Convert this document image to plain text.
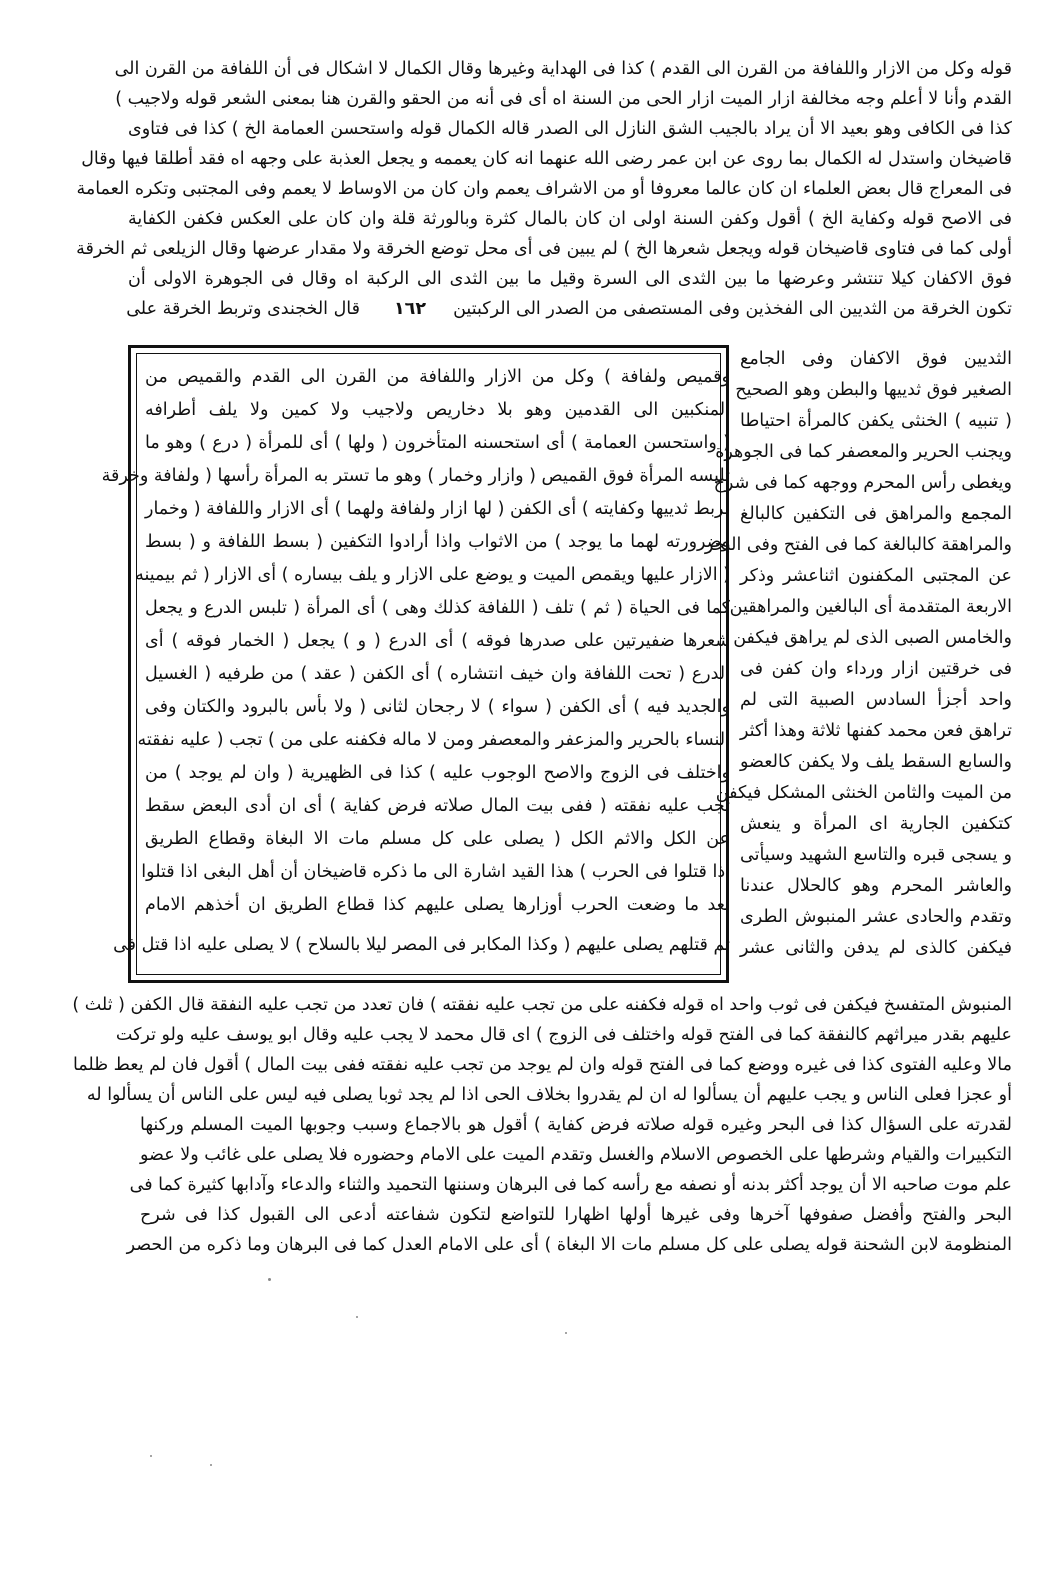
قوله وكل من الازار واللفافة من القرن الى القدم ) كذا فى الهداية وغيرها وقال الكمال لا اشكال فى أن اللفافة من القرن الى
القدم وأنا لا أعلم وجه مخالفة ازار الميت ازار الحى من السنة اه أى فى أنه من الحقو والقرن هنا بمعنى الشعر قوله ولاجيب )
كذا فى الكافى وهو بعيد الا أن يراد بالجيب الشق النازل الى الصدر قاله الكمال قوله واستحسن العمامة الخ ) كذا فى فتاوى
قاضيخان واستدل له الكمال بما روى عن ابن عمر رضى الله عنهما انه كان يعممه و يجعل العذبة على وجهه اه فقد أطلقا فيها وقال
فى المعراج قال بعض العلماء ان كان عالما معروفا أو من الاشراف يعمم وان كان من الاوساط لا يعمم وفى المجتبى وتكره العمامة
فى الاصح قوله وكفاية الخ ) أقول وكفن السنة اولى ان كان بالمال كثرة وبالورثة قلة وان كان على العكس فكفن الكفاية
أولى كما فى فتاوى قاضيخان قوله ويجعل شعرها الخ ) لم يبين فى أى محل توضع الخرقة ولا مقدار عرضها وقال الزيلعى ثم الخرقة
فوق الاكفان كيلا تنتشر وعرضها ما بين الثدى الى السرة وقيل ما بين الثدى الى الركبة اه وقال فى الجوهرة الاولى أن
تكون الخرقة من الثديين الى الفخذين وفى المستصفى من الصدر الى الركبتين
١٦٢
قال الخجندى وتربط الخرقة على
وقميص ولفافة ) وكل من الازار واللفافة من القرن الى القدم والقميص من
المنكبين الى القدمين وهو بلا دخاريص ولاجيب ولا كمين ولا يلف أطرافه
( واستحسن العمامة ) أى استحسنه المتأخرون ( ولها ) أى للمرأة ( درع ) وهو ما
تلبسه المرأة فوق القميص ( وازار وخمار ) وهو ما تستر به المرأة رأسها ( ولفافة وخرقة
لربط ثدييها وكفايته ) أى الكفن ( لها ازار ولفافة ولهما ) أى الازار واللفافة ( وخمار
وضرورته لهما ما يوجد ) من الاثواب واذا أرادوا التكفين ( بسط اللفافة و ( بسط
( الازار عليها ويقمص الميت و يوضع على الازار و يلف بيساره ) أى الازار ( ثم بيمينه
كما فى الحياة ( ثم ) تلف ( اللفافة كذلك وهى ) أى المرأة ( تلبس الدرع و يجعل
شعرها ضفيرتين على صدرها فوقه ) أى الدرع ( و ) يجعل ( الخمار فوقه ) أى
الدرع ( تحت اللفافة وان خيف انتشاره ) أى الكفن ( عقد ) من طرفيه ( الغسيل
والجديد فيه ) أى الكفن ( سواء ) لا رجحان لثانى ( ولا بأس بالبرود والكتان وفى
النساء بالحرير والمزعفر والمعصفر ومن لا ماله فكفنه على من ) تجب ( عليه نفقته
واختلف فى الزوج والاصح الوجوب عليه ) كذا فى الظهيرية ( وان لم يوجد ) من
تجب عليه نفقته ( ففى بيت المال صلاته فرض كفاية ) أى ان أدى البعض سقط
عن الكل والاثم الكل ( يصلى على كل مسلم مات الا البغاة وقطاع الطريق
اذا قتلوا فى الحرب ) هذا القيد اشارة الى ما ذكره قاضيخان أن أهل البغى اذا قتلوا
بعد ما وضعت الحرب أوزارها يصلى عليهم كذا قطاع الطريق ان أخذهم الامام
ثم قتلهم يصلى عليهم ( وكذا المكابر فى المصر ليلا بالسلاح ) لا يصلى عليه اذا قتل فى
الثديين فوق الاكفان وفى الجامع
الصغير فوق ثدييها والبطن وهو الصحيح
( تنبيه ) الخنثى يكفن كالمرأة احتياطا
ويجنب الحرير والمعصفر كما فى الجوهرة
ويغطى رأس المحرم ووجهه كما فى شرح
المجمع والمراهق فى التكفين كالبالغ
والمراهقة كالبالغة كما فى الفتح وفى البحر
عن المجتبى المكفنون اثناعشر وذكر
الاربعة المتقدمة أى البالغين والمراهقين
والخامس الصبى الذى لم يراهق فيكفن
فى خرقتين ازار ورداء وان كفن فى
واحد أجزأ السادس الصبية التى لم
تراهق فعن محمد كفنها ثلاثة وهذا أكثر
والسابع السقط يلف ولا يكفن كالعضو
من الميت والثامن الخنثى المشكل فيكفن
كتكفين الجارية اى المرأة و ينعش
و يسجى قبره والتاسع الشهيد وسيأتى
والعاشر المحرم وهو كالحلال عندنا
وتقدم والحادى عشر المنبوش الطرى
فيكفن كالذى لم يدفن والثانى عشر
المنبوش المتفسخ فيكفن فى ثوب واحد اه قوله فكفنه على من تجب عليه نفقته ) فان تعدد من تجب عليه النفقة قال الكفن ( ثلث )
عليهم بقدر ميراثهم كالنفقة كما فى الفتح قوله واختلف فى الزوج ) اى قال محمد لا يجب عليه وقال ابو يوسف عليه ولو تركت
مالا وعليه الفتوى كذا فى غيره ووضع كما فى الفتح قوله وان لم يوجد من تجب عليه نفقته ففى بيت المال ) أقول فان لم يعط ظلما
أو عجزا فعلى الناس و يجب عليهم أن يسألوا له ان لم يقدروا بخلاف الحى اذا لم يجد ثوبا يصلى فيه ليس على الناس أن يسألوا له
لقدرته على السؤال كذا فى البحر وغيره قوله صلاته فرض كفاية ) أقول هو بالاجماع وسبب وجوبها الميت المسلم وركنها
التكبيرات والقيام وشرطها على الخصوص الاسلام والغسل وتقدم الميت على الامام وحضوره فلا يصلى على غائب ولا عضو
علم موت صاحبه الا أن يوجد أكثر بدنه أو نصفه مع رأسه كما فى البرهان وسننها التحميد والثناء والدعاء وآدابها كثيرة كما فى
البحر والفتح وأفضل صفوفها آخرها وفى غيرها أولها اظهارا للتواضع لتكون شفاعته أدعى الى القبول كذا فى شرح
المنظومة لابن الشحنة قوله يصلى على كل مسلم مات الا البغاة ) أى على الامام العدل كما فى البرهان وما ذكره من الحصر
